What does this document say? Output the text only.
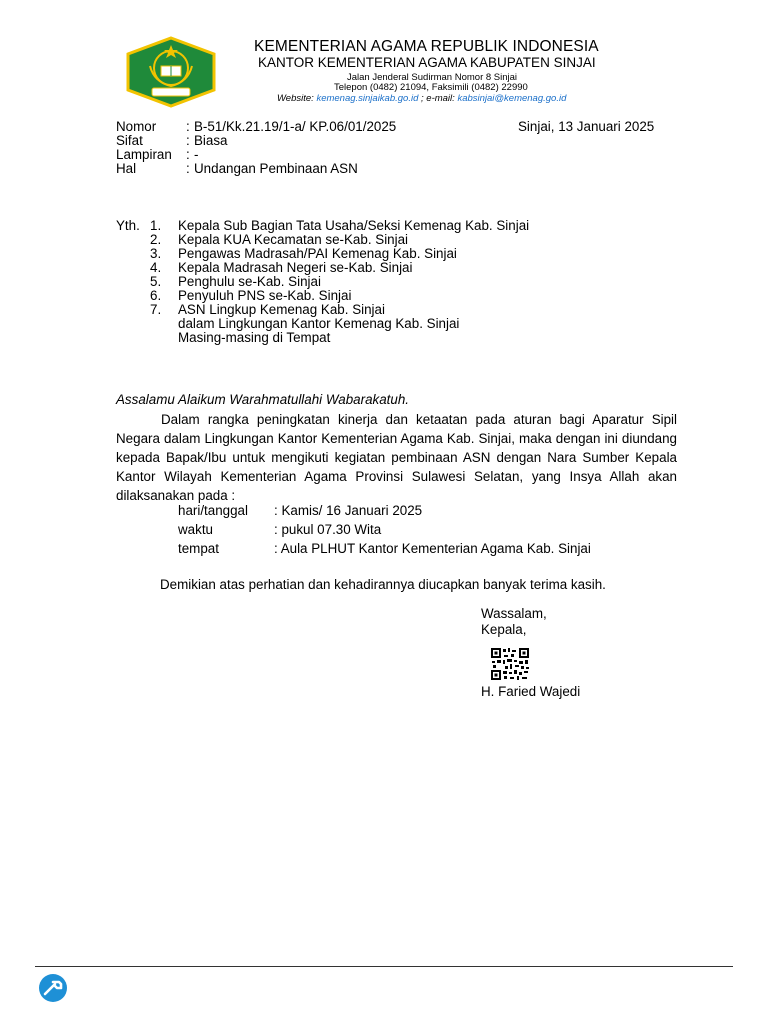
KEMENTERIAN AGAMA REPUBLIK INDONESIA
KANTOR KEMENTERIAN AGAMA KABUPATEN SINJAI
Jalan Jenderal Sudirman Nomor 8 Sinjai
Telepon (0482) 21094, Faksimili (0482) 22990
Website: kemenag.sinjaikab.go.id ; e-mail: kabsinjai@kemenag.go.id
Nomor : B-51/Kk.21.19/1-a/ KP.06/01/2025
Sifat	: Biasa
Lampiran : -
Hal	: Undangan Pembinaan ASN
Sinjai, 13 Januari 2025
Yth. 1. Kepala Sub Bagian Tata Usaha/Seksi Kemenag Kab. Sinjai
2. Kepala KUA Kecamatan se-Kab. Sinjai
3. Pengawas Madrasah/PAI Kemenag Kab. Sinjai
4. Kepala Madrasah Negeri se-Kab. Sinjai
5. Penghulu se-Kab. Sinjai
6. Penyuluh PNS se-Kab. Sinjai
7. ASN Lingkup Kemenag Kab. Sinjai
dalam Lingkungan Kantor Kemenag Kab. Sinjai
Masing-masing di Tempat
Assalamu Alaikum Warahmatullahi Wabarakatuh.

Dalam rangka peningkatan kinerja dan ketaatan pada aturan bagi Aparatur Sipil Negara dalam Lingkungan Kantor Kementerian Agama Kab. Sinjai, maka dengan ini diundang kepada Bapak/Ibu untuk mengikuti kegiatan pembinaan ASN dengan Nara Sumber Kepala Kantor Wilayah Kementerian Agama Provinsi Sulawesi Selatan, yang Insya Allah akan dilaksanakan pada :

hari/tanggal : Kamis/ 16 Januari 2025
waktu	: pukul 07.30 Wita
tempat	: Aula PLHUT Kantor Kementerian Agama Kab. Sinjai
Demikian atas perhatian dan kehadirannya diucapkan banyak terima kasih.
Wassalam,
Kepala,
H. Faried Wajedi
